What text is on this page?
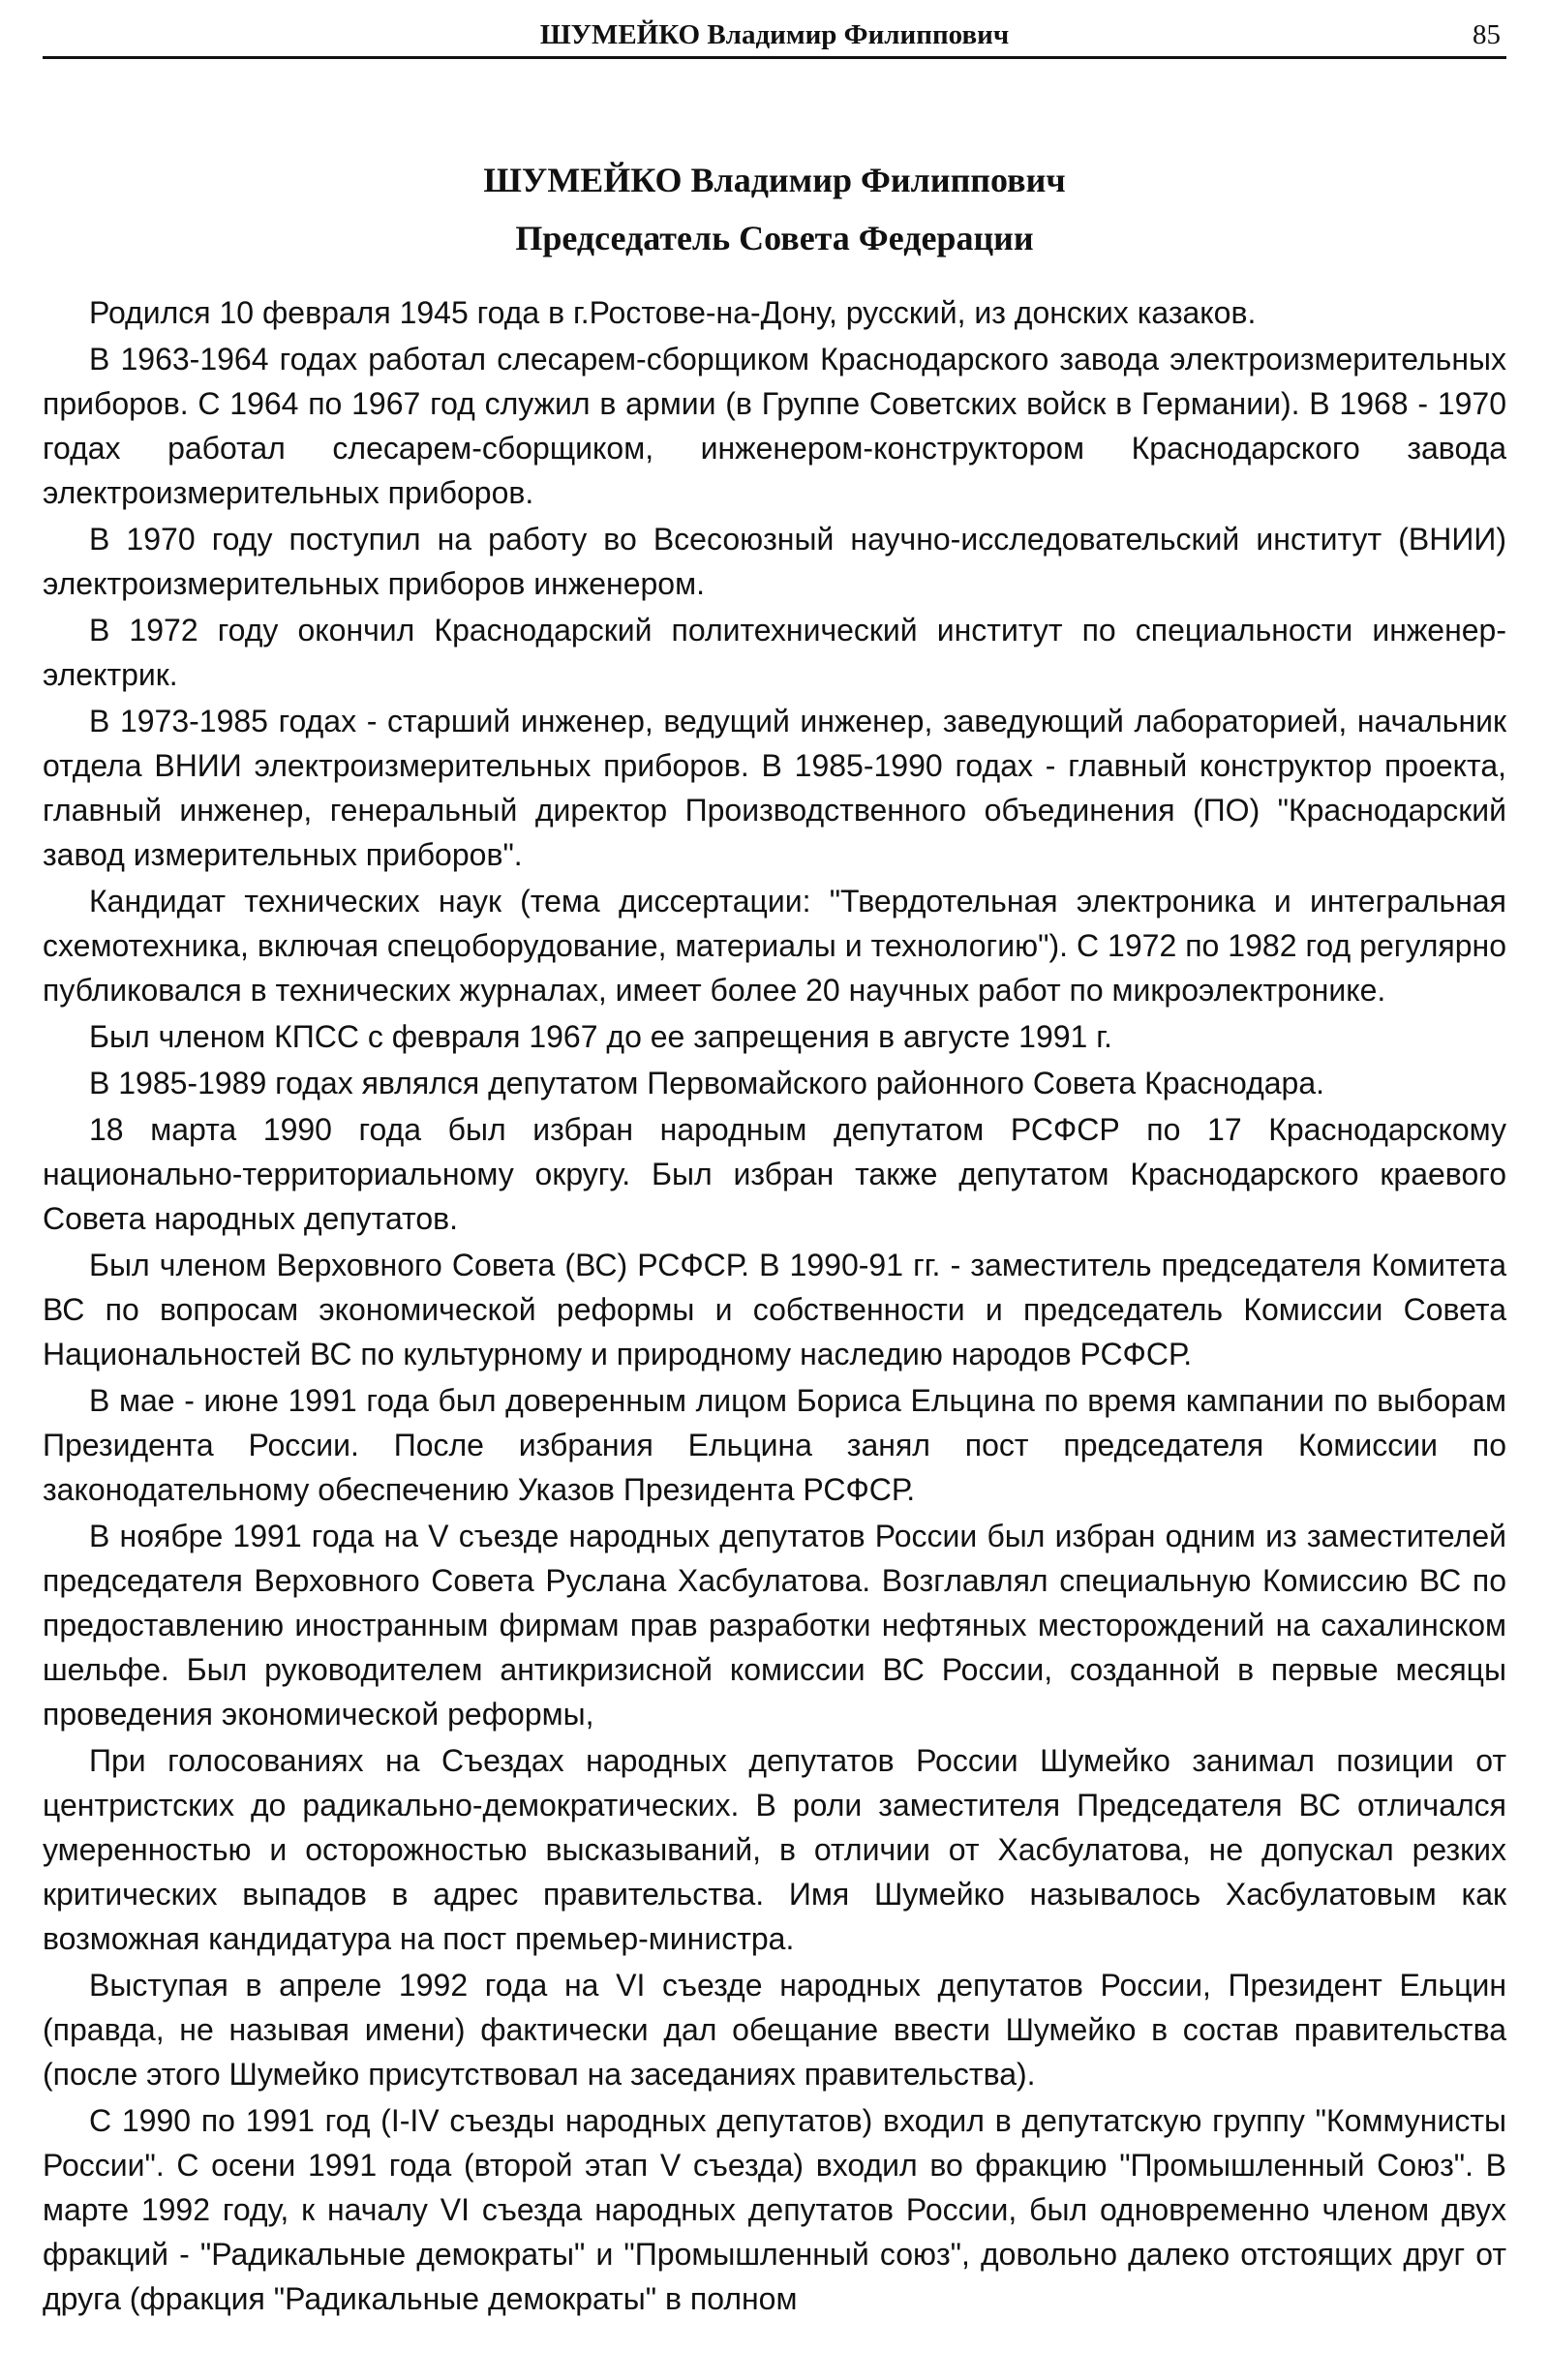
ШУМЕЙКО Владимир Филиппович	85
ШУМЕЙКО Владимир Филиппович
Председатель Совета Федерации

Родился 10 февраля 1945 года в г.Ростове-на-Дону, русский, из донских казаков.

В 1963-1964 годах работал слесарем-сборщиком Краснодарского завода электроизмерительных приборов. С 1964 по 1967 год служил в армии (в Группе Советских войск в Германии). В 1968 - 1970 годах работал слесарем-сборщиком, инженером-конструктором Краснодарского завода электроизмерительных приборов.

В 1970 году поступил на работу во Всесоюзный научно-исследовательский институт (ВНИИ) электроизмерительных приборов инженером.

В 1972 году окончил Краснодарский политехнический институт по специальности инженер-электрик.

В 1973-1985 годах - старший инженер, ведущий инженер, заведующий лабораторией, начальник отдела ВНИИ электроизмерительных приборов. В 1985-1990 годах - главный конструктор проекта, главный инженер, генеральный директор Производственного объединения (ПО) "Краснодарский завод измерительных приборов".

Кандидат технических наук (тема диссертации: "Твердотельная электроника и интегральная схемотехника, включая спецоборудование, материалы и технологию"). С 1972 по 1982 год регулярно публиковался в технических журналах, имеет более 20 научных работ по микроэлектронике.

Был членом КПСС с февраля 1967 до ее запрещения в августе 1991 г.

В 1985-1989 годах являлся депутатом Первомайского районного Совета Краснодара.

18 марта 1990 года был избран народным депутатом РСФСР по 17 Краснодарскому национально-территориальному округу. Был избран также депутатом Краснодарского краевого Совета народных депутатов.

Был членом Верховного Совета (ВС) РСФСР. В 1990-91 гг. - заместитель председателя Комитета ВС по вопросам экономической реформы и собственности и председатель Комиссии Совета Национальностей ВС по культурному и природному наследию народов РСФСР.

В мае - июне 1991 года был доверенным лицом Бориса Ельцина по время кампании по выборам Президента России. После избрания Ельцина занял пост председателя Комиссии по законодательному обеспечению Указов Президента РСФСР.

В ноябре 1991 года на V съезде народных депутатов России был избран одним из заместителей председателя Верховного Совета Руслана Хасбулатова. Возглавлял специальную Комиссию ВС по предоставлению иностранным фирмам прав разработки нефтяных месторождений на сахалинском шельфе. Был руководителем антикризисной комиссии ВС России, созданной в первые месяцы проведения экономической реформы,

При голосованиях на Съездах народных депутатов России Шумейко занимал позиции от центристских до радикально-демократических. В роли заместителя Председателя ВС отличался умеренностью и осторожностью высказываний, в отличии от Хасбулатова, не допускал резких критических выпадов в адрес правительства. Имя Шумейко называлось Хасбулатовым как возможная кандидатура на пост премьер-министра.

Выступая в апреле 1992 года на VI съезде народных депутатов России, Президент Ельцин (правда, не называя имени) фактически дал обещание ввести Шумейко в состав правительства (после этого Шумейко присутствовал на заседаниях правительства).

С 1990 по 1991 год (I-IV съезды народных депутатов) входил в депутатскую группу "Коммунисты России". С осени 1991 года (второй этап V съезда) входил во фракцию "Промышленный Союз". В марте 1992 году, к началу VI съезда народных депутатов России, был одновременно членом двух фракций - "Радикальные демократы" и "Промышленный союз", довольно далеко отстоящих друг от друга (фракция "Радикальные демократы" в полном
